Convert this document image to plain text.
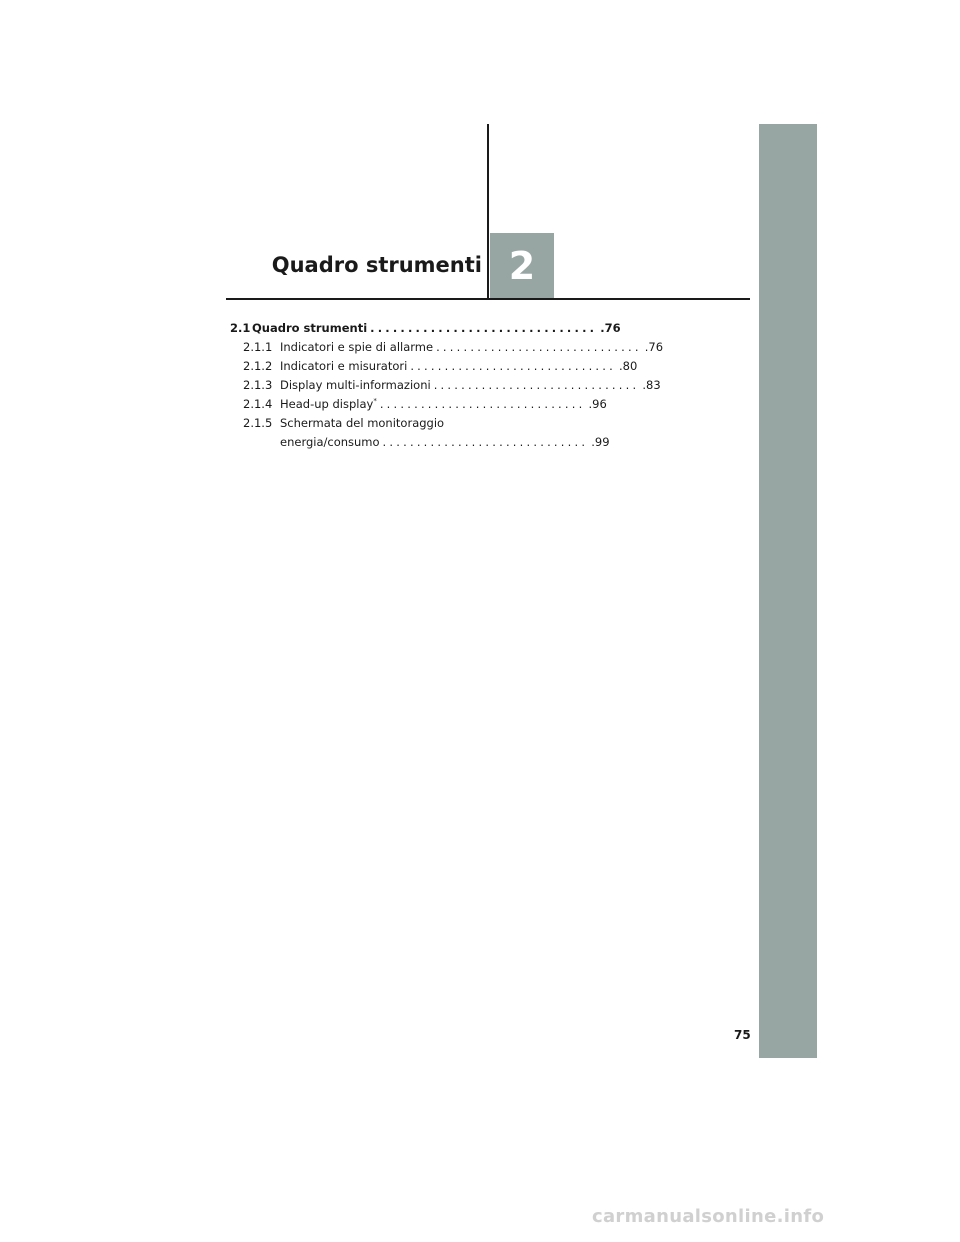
Quadro strumenti 2
2.1 Quadro strumenti .............................. .76
2.1.1 Indicatori e spie di allarme .............................. .76
2.1.2 Indicatori e misuratori .............................. .80
2.1.3 Display multi-informazioni .............................. .83
2.1.4 Head-up display* .............................. .96
2.1.5 Schermata del monitoraggio
energia/consumo .............................. .99
75
carmanualsonline.info
